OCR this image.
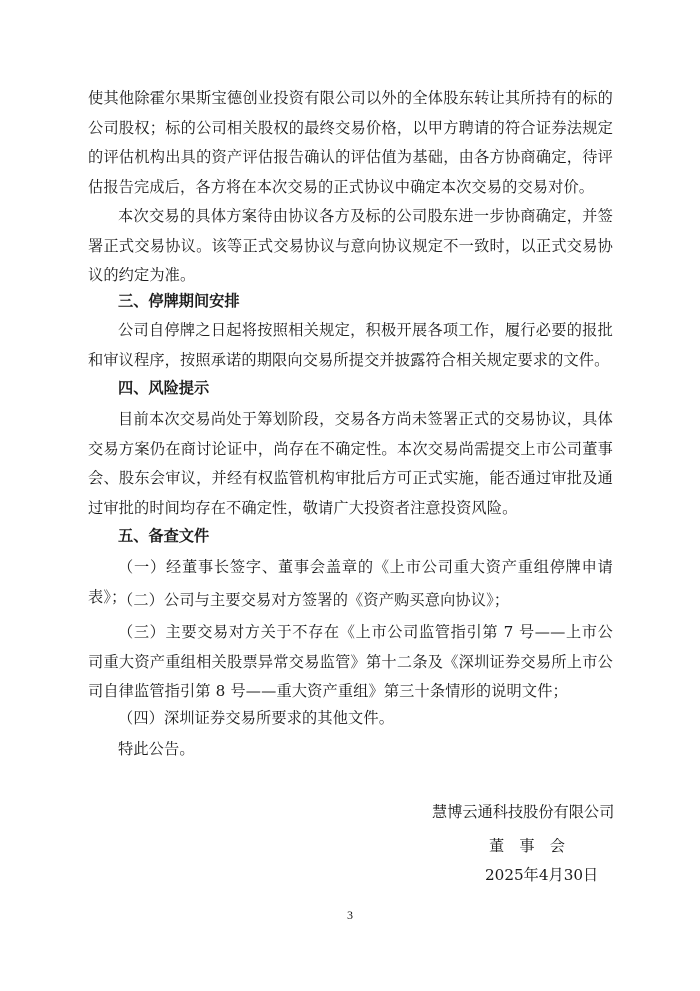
使其他除霍尔果斯宝德创业投资有限公司以外的全体股东转让其所持有的标的公司股权；标的公司相关股权的最终交易价格，以甲方聘请的符合证券法规定的评估机构出具的资产评估报告确认的评估值为基础，由各方协商确定，待评估报告完成后，各方将在本次交易的正式协议中确定本次交易的交易对价。

本次交易的具体方案待由协议各方及标的公司股东进一步协商确定，并签署正式交易协议。该等正式交易协议与意向协议规定不一致时，以正式交易协议的约定为准。

三、停牌期间安排

公司自停牌之日起将按照相关规定，积极开展各项工作，履行必要的报批和审议程序，按照承诺的期限向交易所提交并披露符合相关规定要求的文件。

四、风险提示

目前本次交易尚处于筹划阶段，交易各方尚未签署正式的交易协议，具体交易方案仍在商讨论证中，尚存在不确定性。本次交易尚需提交上市公司董事会、股东会审议，并经有权监管机构审批后方可正式实施，能否通过审批及通过审批的时间均存在不确定性，敬请广大投资者注意投资风险。

五、备查文件

（一）经董事长签字、董事会盖章的《上市公司重大资产重组停牌申请表》；

（二）公司与主要交易对方签署的《资产购买意向协议》；

（三）主要交易对方关于不存在《上市公司监管指引第 7 号——上市公司重大资产重组相关股票异常交易监管》第十二条及《深圳证券交易所上市公司自律监管指引第 8 号——重大资产重组》第三十条情形的说明文件；

（四）深圳证券交易所要求的其他文件。

特此公告。

慧博云通科技股份有限公司

董　事　会

2025年4月30日

3
